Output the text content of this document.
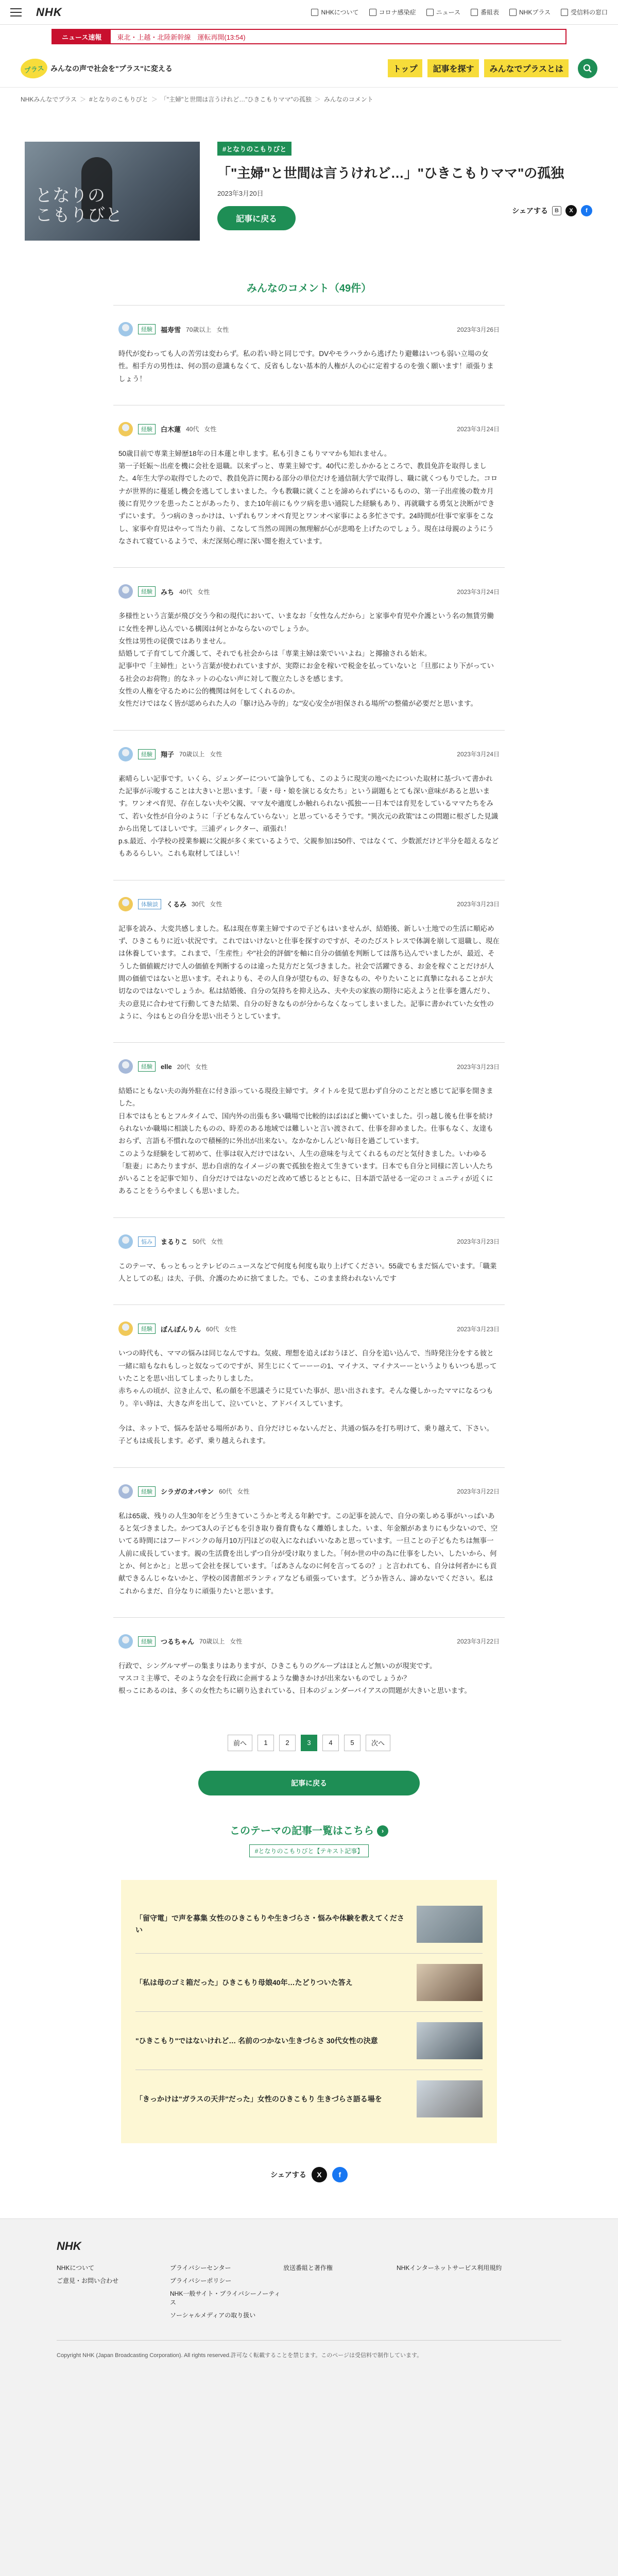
NHK	NHKについて	コロナ感染症	ニュース	番組表	NHKプラス	受信料の窓口
ニュース速報	東北・上越・北陸新幹線　運転再開(13:54)
プラス みんなの声で社会を"プラス"に変える	トップ	記事を探す	みんなでプラスとは
NHKみんなでプラス ＞ #となりのこもりびと ＞ 「"主婦"と世間は言うけれど…"ひきこもりママ"の孤独 ＞ みんなのコメント
となりの
こもりびと
#となりのこもりびと
「"主婦"と世間は言うけれど…」"ひきこもりママ"の孤独
2023年3月20日
記事に戻る
シェアする	B	X	f
みんなのコメント（49件）
経験	福寿雪 70歳以上 女性	2023年3月26日
時代が変わっても人の苦労は変わらず。私の若い時と同じです。DVやモラハラから逃げたり避難はいつも弱い立場の女性。相手方の男性は、何の罰の意識もなくて、反省もしない基本的人権が人の心に定着するのを強く願います！頑張りましょう！
経験	白木蓮 40代 女性	2023年3月24日
50歳目前で専業主婦歴18年の日本蓮と申します。私も引きこもりママかも知れません。
第一子妊娠〜出産を機に会社を退職。以来ずっと、専業主婦です。40代に差しかかるところで、教員免許を取得しました。4年生大学の取得でしたので、教員免許に関わる部分の単位だけを通信制大学で取得し、職に就くつもりでした。コロナが世界的に蔓延し機会を逃してしまいました。今も教職に就くことを諦められずにいるものの、第一子出産後の数カ月後に育児ウツを患ったことがあったり、また10年前にもウツ病を患い通院した経験もあり、再就職する勇気と決断ができずにいます。うつ病のきっかけは、いずれもワンオペ育児とワンオペ家事による多忙さです。24時間が仕事で家事をこなし、家事や育児はやって当たり前、こなして当然の周囲の無理解が心が悲鳴を上げたのでしょう。現在は母親のようにうなされて寝ているようで、未だ深刻心理に深い闇を抱えています。
経験	みち 40代 女性	2023年3月24日
多様性という言葉が飛び交う今和の現代において、いまなお「女性なんだから」と家事や育児や介護という名の無賃労働に女性を押し込んでいる構図は何とかならないのでしょうか。
女性は男性の従僕ではありません。
結婚して子育てして介護して、それでも社会からは「専業主婦は楽でいいよね」と揶揄される始末。
記事中で「主婦性」という言葉が使われていますが、実際にお金を稼いで税金を払っていないと「旦那により下がっている社会のお荷物」的なネットの心ない声に対して腹立たしさを感じます。
女性の人権を守るために公的機関は何をしてくれるのか。
女性だけではなく皆が認められた人の「駆け込み寺的」な"安心安全が担保される場所"の整備が必要だと思います。
経験	翔子 70歳以上 女性	2023年3月24日
素晴らしい記事です。いくら、ジェンダーについて論争しても、このように現実の地べたについた取材に基づいて書かれた記事が示唆することは大きいと思います。「妻・母・娘を演じる女たち」という副題もとても深い意味があると思います。ワンオペ育児、存在しない夫や父親、ママ友や適度しか触れられない孤独ーー日本では育児をしているママたちをみて、若い女性が自分のように「子どもなんていらない」と思っているそうです。"異次元の政策"はこの問題に根ざした見識から出発してほしいです。三浦ディレクター、頑張れ！
p.s.最近、小学校の授業参観に父親が多く来ているようで、父親参加は50件、ではなくて、少数派だけど半分を超えるなどもあるらしい。これも取材してほしい！
体験談	くるみ 30代 女性	2023年3月23日
記事を読み、大変共感しました。私は現在専業主婦ですので子どもはいませんが、結婚後、新しい土地での生活に順応めず、ひきこもりに近い状況です。これではいけないと仕事を探すのですが、そのたびストレスで体調を崩して退職し、現在は休養しています。これまで、「生産性」や"社会的評価"を軸に自分の価値を判断しては落ち込んでいましたが、最近、そうした価値観だけで人の価値を判断するのは違った見方だと気づきました。社会で活躍できる、お金を稼ぐことだけが人間の価値ではないと思います。それよりも、その人自身が望むもの、好きなもの、やりたいことに真摯になれることが大切なのではないでしょうか。私は結婚後、自分の気持ちを抑え込み、夫や夫の家族の期待に応えようと仕事を選んだり、夫の意見に合わせて行動してきた結果、自分の好きなものが分からなくなってしまいました。記事に書かれていた女性のように、今はもとの自分を思い出そうとしています。
経験	elle 20代 女性	2023年3月23日
結婚にともない夫の海外駐在に付き添っている現役主婦です。タイトルを見て思わず自分のことだと感じて記事を開きました。
日本ではもともとフルタイムで、国内外の出張も多い職場で比較的はばはばと働いていました。引っ越し後も仕事を続けられないか職場に相談したものの、時差のある地域では難しいと言い渡されて、仕事を辞めました。仕事もなく、友達もおらず、言語も不慣れなので積極的に外出が出来ない。なかなかしんどい毎日を過ごしています。
このような経験をして初めて、仕事は収入だけではない、人生の意味を与えてくれるものだと気付きました。いわゆる「駐妻」にあたりますが、思わ自虐的なイメージの裏で孤独を抱えて生きています。日本でも自分と同様に苦しい人たちがいることを記事で知り、自分だけではないのだと改めて感じるとともに、日本語で話せる一定のコミュニティが近くにあることをうらやましくも思いました。
悩み	まるりこ 50代 女性	2023年3月23日
このテーマ、もっともっとテレビのニュースなどで何度も何度も取り上げてください。55歳でもまだ悩んでいます。「職業人としての私」は夫、子供、介護のために捨てました。でも、このまま終われないんです
経験	ぼんぼんりん 60代 女性	2023年3月23日
いつの時代も、ママの悩みは同じなんですね。気疲、理想を追えばおうほど、自分を追い込んで、当時発注分をする彼と一緒に暗もなれもしっと奴なってのですが、昇生じにくてーーーの1、マイナス、マイナスーーというよりもいつも思っていたことを思い出してしまったりしました。
赤ちゃんの頃が、泣き止んで、私の顔を不思議そうに見ていた事が、思い出されます。そんな優しかったママになるつもり。辛い時は、大きな声を出して、泣いていと、アドバイスしています。

今は、ネットで、悩みを話せる場所があり、自分だけじゃないんだと、共通の悩みを打ち明けて、乗り越えて、下さい。子どもは成長します。必ず、乗り越えられます。
経験	シラガのオバサン 60代 女性	2023年3月22日
私は65歳、残りの人生30年をどう生きていこうかと考える年齢です。この記事を読んで、自分の楽しめる事がいっぱいあると気づきました。かつて3人の子どもを引き取り養育費もなく離婚しました。いま、年金額があまりにも少ないので、空いてる時間にはフードバンクの毎月10万円ほどの収入になればいいなあと思っています。一旦ことの子どもたちは無事一人前に成長しています。親の生活費を出しずつ自分が受け取りました。「何か世の中の為に仕事をしたい、したいから、何とか、何とかと」と思って会社を探しています。「ばあさんなのに何を言ってるの？」と言われても、自分は何者かにも貢献できるんじゃないかと、学校の図書館ボランティアなども頑張っています。どうか皆さん、諦めないでください。私はこれからまだ、自分なりに頑張りたいと思います。
経験	つるちゃん 70歳以上 女性	2023年3月22日
行政で、シングルマザーの集まりはありますが、ひきこもりのグループはほとんど無いのが現実です。
マスコミ主導で、そのような会を行政に企画するような働きかけが出来ないものでしょうか？
根っこにあるのは、多くの女性たちに刷り込まれている、日本のジェンダーバイアスの問題が大きいと思います。
前へ	1	2	3	4	5	次へ
記事に戻る
このテーマの記事一覧はこちら ›
#となりのこもりびと【テキスト記事】
「留守電」で声を募集 女性のひきこもりや生きづらさ・悩みや体験を教えてください
「私は母のゴミ箱だった」ひきこもり母娘40年…たどりついた答え
"ひきこもり"ではないけれど… 名前のつかない生きづらさ 30代女性の決意
「きっかけは"ガラスの天井"だった」女性のひきこもり 生きづらさ語る場を
シェアする	X	f
NHK
NHKについて	プライバシーセンター	放送番組と著作権	NHKインターネットサービス利用規約
ご意見・お問い合わせ	プライバシーポリシー
NHK一般サイト・プライバシーノーティス
ソーシャルメディアの取り扱い
Copyright NHK (Japan Broadcasting Corporation). All rights reserved.許可なく転載することを禁じます。このページは受信料で制作しています。
